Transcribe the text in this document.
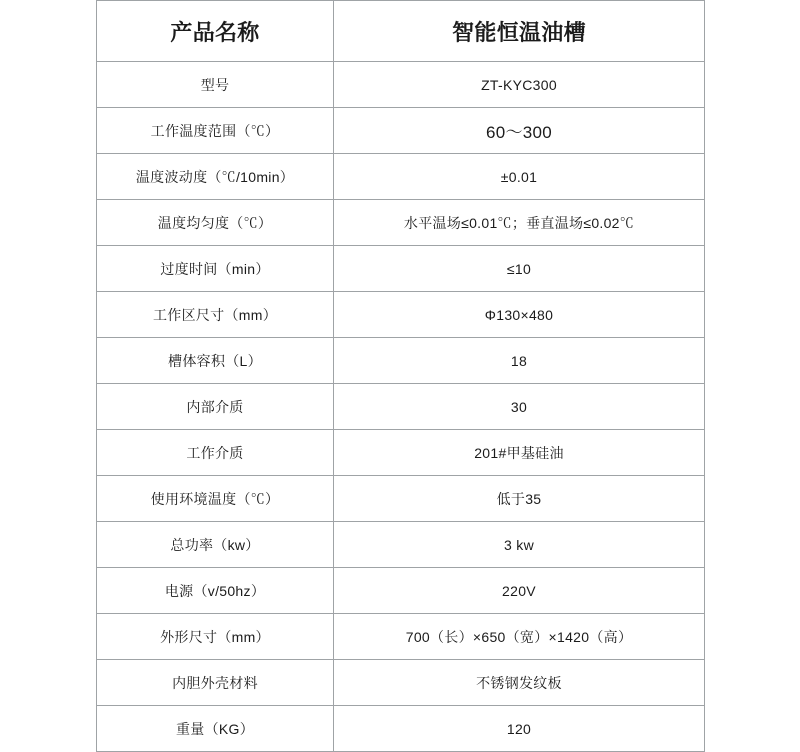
产品名称	智能恒温油槽
型号	ZT-KYC300
工作温度范围（℃）	60～300
温度波动度（℃/10min）	±0.01
温度均匀度（℃）	水平温场≤0.01℃；垂直温场≤0.02℃
过度时间（min）	≤10
工作区尺寸（mm）	Φ130×480
槽体容积（L）	18
内部介质	30
工作介质	201#甲基硅油
使用环境温度（℃）	低于35
总功率（kw）	3 kw
电源（v/50hz）	220V
外形尺寸（mm）	700（长）×650（宽）×1420（高）
内胆外壳材料	不锈钢发纹板
重量（KG）	120
